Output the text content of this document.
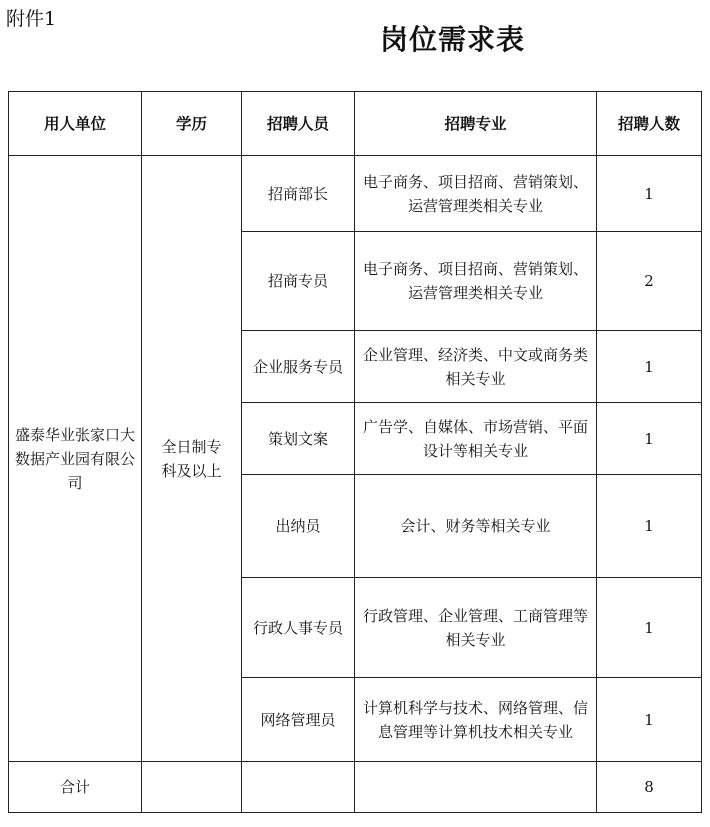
附件1
岗位需求表
用人单位	学历	招聘人员	招聘专业	招聘人数
盛泰华业张家口大数据产业园有限公司	全日制专科及以上	招商部长	电子商务、项目招商、营销策划、运营管理类相关专业	1
		招商专员	电子商务、项目招商、营销策划、运营管理类相关专业	2
		企业服务专员	企业管理、经济类、中文或商务类相关专业	1
		策划文案	广告学、自媒体、市场营销、平面设计等相关专业	1
		出纳员	会计、财务等相关专业	1
		行政人事专员	行政管理、企业管理、工商管理等相关专业	1
		网络管理员	计算机科学与技术、网络管理、信息管理等计算机技术相关专业	1
合计				8
